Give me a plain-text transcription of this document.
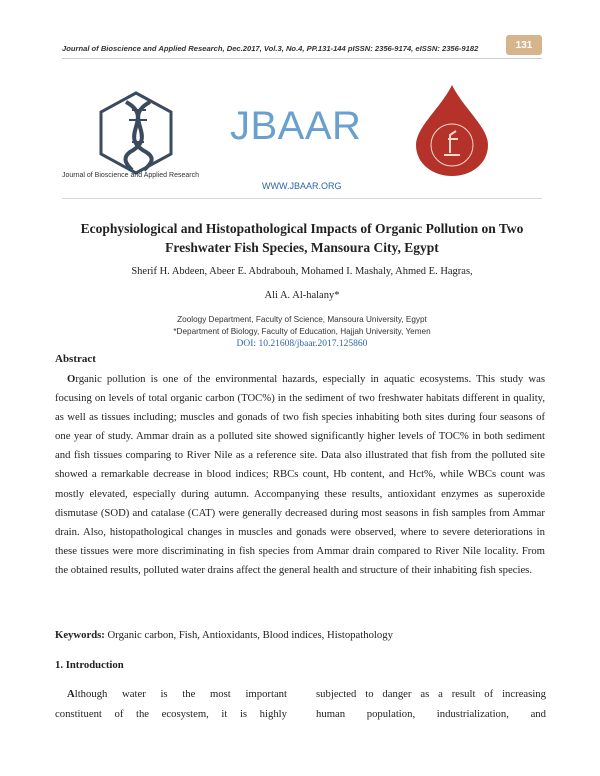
Journal of Bioscience and Applied Research, Dec.2017, Vol.3, No.4, PP.131-144 pISSN: 2356-9174, eISSN: 2356-9182	131
JBAAR
Journal of Bioscience and Applied Research
WWW.JBAAR.ORG
Ecophysiological and Histopathological Impacts of Organic Pollution on Two Freshwater Fish Species, Mansoura City, Egypt
Sherif H. Abdeen, Abeer E. Abdrabouh, Mohamed I. Mashaly, Ahmed E. Hagras,
Ali A. Al-halany*
Zoology Department, Faculty of Science, Mansoura University, Egypt
*Department of Biology, Faculty of Education, Hajjah University, Yemen
DOI: 10.21608/jbaar.2017.125860
Abstract
Organic pollution is one of the environmental hazards, especially in aquatic ecosystems. This study was focusing on levels of total organic carbon (TOC%) in the sediment of two freshwater habitats different in quality, as well as tissues including; muscles and gonads of two fish species inhabiting both sites during four seasons of one year of study. Ammar drain as a polluted site showed significantly higher levels of TOC% in both sediment and fish tissues comparing to River Nile as a reference site. Data also illustrated that fish from the polluted site showed a remarkable decrease in blood indices; RBCs count, Hb content, and Hct%, while WBCs count was mostly elevated, especially during autumn. Accompanying these results, antioxidant enzymes as superoxide dismutase (SOD) and catalase (CAT) were generally decreased during most seasons in fish samples from Ammar drain. Also, histopathological changes in muscles and gonads were observed, where to severe deteriorations in these tissues were more discriminating in fish species from Ammar drain compared to River Nile locality. From the obtained results, polluted water drains affect the general health and structure of their inhabiting fish species.
Keywords: Organic carbon, Fish, Antioxidants, Blood indices, Histopathology
1. Introduction
Although water is the most important
constituent of the ecosystem, it is highly
subjected to danger as a result of increasing
human population, industrialization, and
